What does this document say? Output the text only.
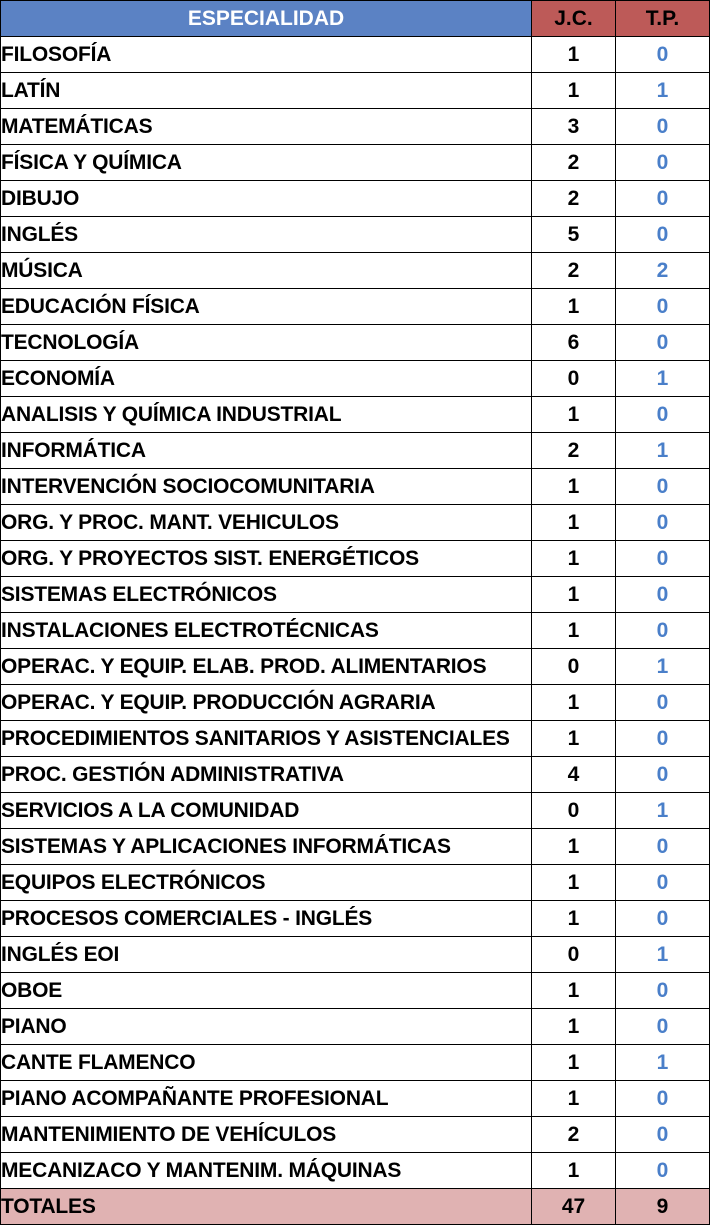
ESPECIALIDAD	J.C.	T.P.
FILOSOFÍA	1	0
LATÍN	1	1
MATEMÁTICAS	3	0
FÍSICA Y QUÍMICA	2	0
DIBUJO	2	0
INGLÉS	5	0
MÚSICA	2	2
EDUCACIÓN FÍSICA	1	0
TECNOLOGÍA	6	0
ECONOMÍA	0	1
ANALISIS Y QUÍMICA INDUSTRIAL	1	0
INFORMÁTICA	2	1
INTERVENCIÓN SOCIOCOMUNITARIA	1	0
ORG. Y PROC. MANT. VEHICULOS	1	0
ORG. Y PROYECTOS SIST. ENERGÉTICOS	1	0
SISTEMAS ELECTRÓNICOS	1	0
INSTALACIONES ELECTROTÉCNICAS	1	0
OPERAC. Y EQUIP. ELAB. PROD. ALIMENTARIOS	0	1
OPERAC. Y EQUIP. PRODUCCIÓN AGRARIA	1	0
PROCEDIMIENTOS SANITARIOS Y ASISTENCIALES	1	0
PROC. GESTIÓN ADMINISTRATIVA	4	0
SERVICIOS A LA COMUNIDAD	0	1
SISTEMAS Y APLICACIONES INFORMÁTICAS	1	0
EQUIPOS ELECTRÓNICOS	1	0
PROCESOS COMERCIALES - INGLÉS	1	0
INGLÉS EOI	0	1
OBOE	1	0
PIANO	1	0
CANTE FLAMENCO	1	1
PIANO ACOMPAÑANTE PROFESIONAL	1	0
MANTENIMIENTO DE VEHÍCULOS	2	0
MECANIZACO Y MANTENIM. MÁQUINAS	1	0
TOTALES	47	9
